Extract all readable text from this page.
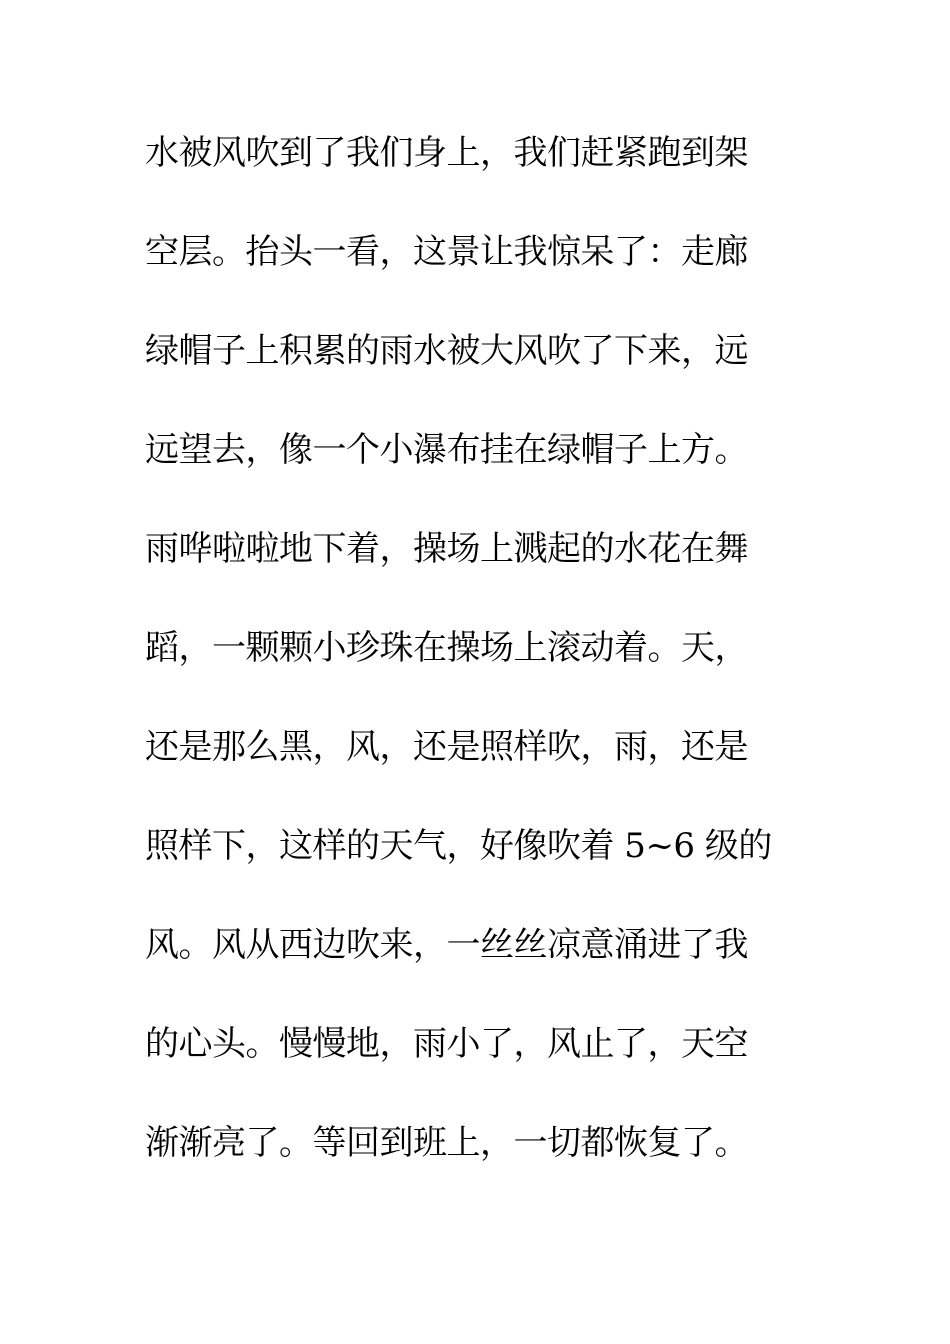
水被风吹到了我们身上，我们赶紧跑到架
空层。抬头一看，这景让我惊呆了：走廊
绿帽子上积累的雨水被大风吹了下来，远
远望去，像一个小瀑布挂在绿帽子上方。
雨哗啦啦地下着，操场上溅起的水花在舞
蹈，一颗颗小珍珠在操场上滚动着。天，
还是那么黑，风，还是照样吹，雨，还是
照样下，这样的天气，好像吹着 5~6 级的
风。风从西边吹来，一丝丝凉意涌进了我
的心头。慢慢地，雨小了，风止了，天空
渐渐亮了。等回到班上，一切都恢复了。
